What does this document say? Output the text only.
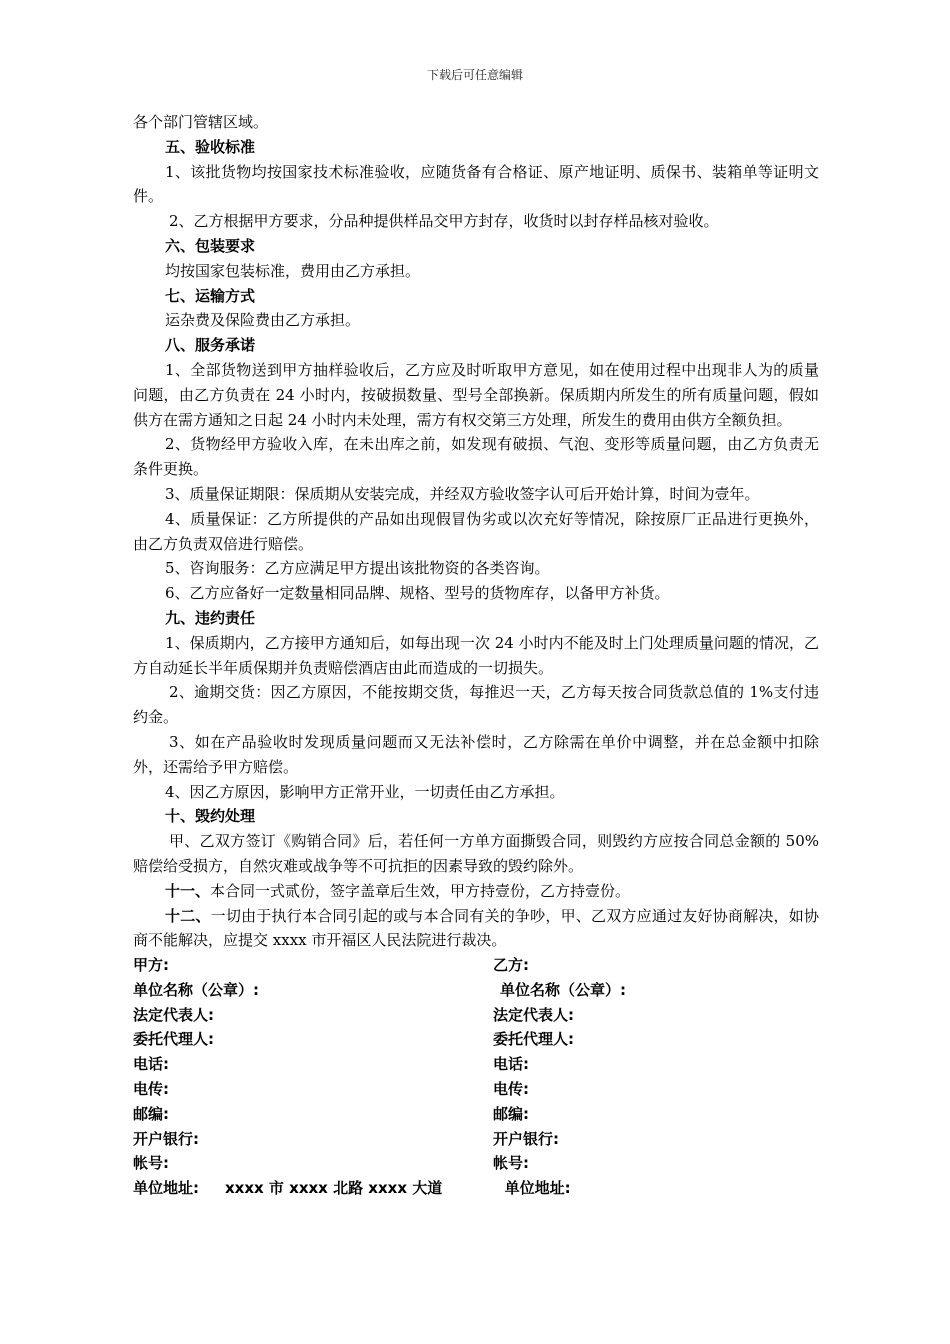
下载后可任意编辑

各个部门管辖区域。

五、验收标准

1、该批货物均按国家技术标准验收，应随货备有合格证、原产地证明、质保书、装箱单等证明文件。

2、乙方根据甲方要求，分品种提供样品交甲方封存，收货时以封存样品核对验收。

六、包装要求

均按国家包装标准，费用由乙方承担。

七、运输方式

运杂费及保险费由乙方承担。

八、服务承诺

1、全部货物送到甲方抽样验收后，乙方应及时听取甲方意见，如在使用过程中出现非人为的质量问题，由乙方负责在 24 小时内，按破损数量、型号全部换新。保质期内所发生的所有质量问题，假如供方在需方通知之日起 24 小时内未处理，需方有权交第三方处理，所发生的费用由供方全额负担。

2、货物经甲方验收入库，在未出库之前，如发现有破损、气泡、变形等质量问题，由乙方负责无条件更换。

3、质量保证期限：保质期从安装完成，并经双方验收签字认可后开始计算，时间为壹年。

4、质量保证：乙方所提供的产品如出现假冒伪劣或以次充好等情况，除按原厂正品进行更换外，由乙方负责双倍进行赔偿。

5、咨询服务：乙方应满足甲方提出该批物资的各类咨询。

6、乙方应备好一定数量相同品牌、规格、型号的货物库存，以备甲方补货。

九、违约责任

1、保质期内，乙方接甲方通知后，如每出现一次 24 小时内不能及时上门处理质量问题的情况，乙方自动延长半年质保期并负责赔偿酒店由此而造成的一切损失。

2、逾期交货：因乙方原因，不能按期交货，每推迟一天，乙方每天按合同货款总值的 1%支付违约金。

3、如在产品验收时发现质量问题而又无法补偿时，乙方除需在单价中调整，并在总金额中扣除外，还需给予甲方赔偿。

4、因乙方原因，影响甲方正常开业，一切责任由乙方承担。

十、毁约处理

甲、乙双方签订《购销合同》后，若任何一方单方面撕毁合同，则毁约方应按合同总金额的 50%赔偿给受损方，自然灾难或战争等不可抗拒的因素导致的毁约除外。

十一、本合同一式贰份，签字盖章后生效，甲方持壹份，乙方持壹份。

十二、一切由于执行本合同引起的或与本合同有关的争吵，甲、乙双方应通过友好协商解决，如协商不能解决，应提交 xxxx 市开福区人民法院进行裁决。

甲方:	乙方:
单位名称（公章）:	单位名称（公章）:
法定代表人:	法定代表人:
委托代理人:	委托代理人:
电话:	电话:
电传:	电传:
邮编:	邮编:
开户银行:	开户银行:
帐号:	帐号:
单位地址: xxxx 市 xxxx 北路 xxxx 大道	单位地址:
